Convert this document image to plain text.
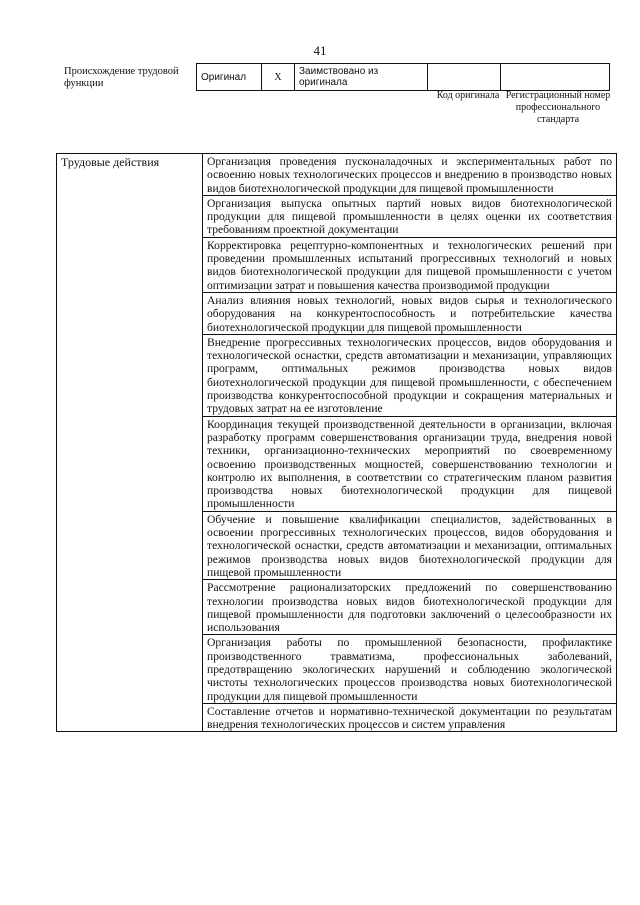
41
Происхождение трудовой функции
Оригинал	X	Заимствовано из оригинала		
Код оригинала Регистрационный номер профессионального стандарта
Трудовые действия	Организация проведения пусконаладочных и экспериментальных работ по освоению новых технологических процессов и внедрению в производство новых видов биотехнологической продукции для пищевой промышленности
Организация выпуска опытных партий новых видов биотехнологической продукции для пищевой промышленности в целях оценки их соответствия требованиям проектной документации
Корректировка рецептурно-компонентных и технологических решений при проведении промышленных испытаний прогрессивных технологий и новых видов биотехнологической продукции для пищевой промышленности с учетом оптимизации затрат и повышения качества производимой продукции
Анализ влияния новых технологий, новых видов сырья и технологического оборудования на конкурентоспособность и потребительские качества биотехнологической продукции для пищевой промышленности
Внедрение прогрессивных технологических процессов, видов оборудования и технологической оснастки, средств автоматизации и механизации, управляющих программ, оптимальных режимов производства новых видов биотехнологической продукции для пищевой промышленности, с обеспечением производства конкурентоспособной продукции и сокращения материальных и трудовых затрат на ее изготовление
Координация текущей производственной деятельности в организации, включая разработку программ совершенствования организации труда, внедрения новой техники, организационно-технических мероприятий по своевременному освоению производственных мощностей, совершенствованию технологии и контролю их выполнения, в соответствии со стратегическим планом развития производства новых биотехнологической продукции для пищевой промышленности
Обучение и повышение квалификации специалистов, задействованных в освоении прогрессивных технологических процессов, видов оборудования и технологической оснастки, средств автоматизации и механизации, оптимальных режимов производства новых видов биотехнологической продукции для пищевой промышленности
Рассмотрение рационализаторских предложений по совершенствованию технологии производства новых видов биотехнологической продукции для пищевой промышленности для подготовки заключений о целесообразности их использования
Организация работы по промышленной безопасности, профилактике производственного травматизма, профессиональных заболеваний, предотвращению экологических нарушений и соблюдению экологической чистоты технологических процессов производства новых биотехнологической продукции для пищевой промышленности
Составление отчетов и нормативно-технической документации по результатам внедрения технологических процессов и систем управления
